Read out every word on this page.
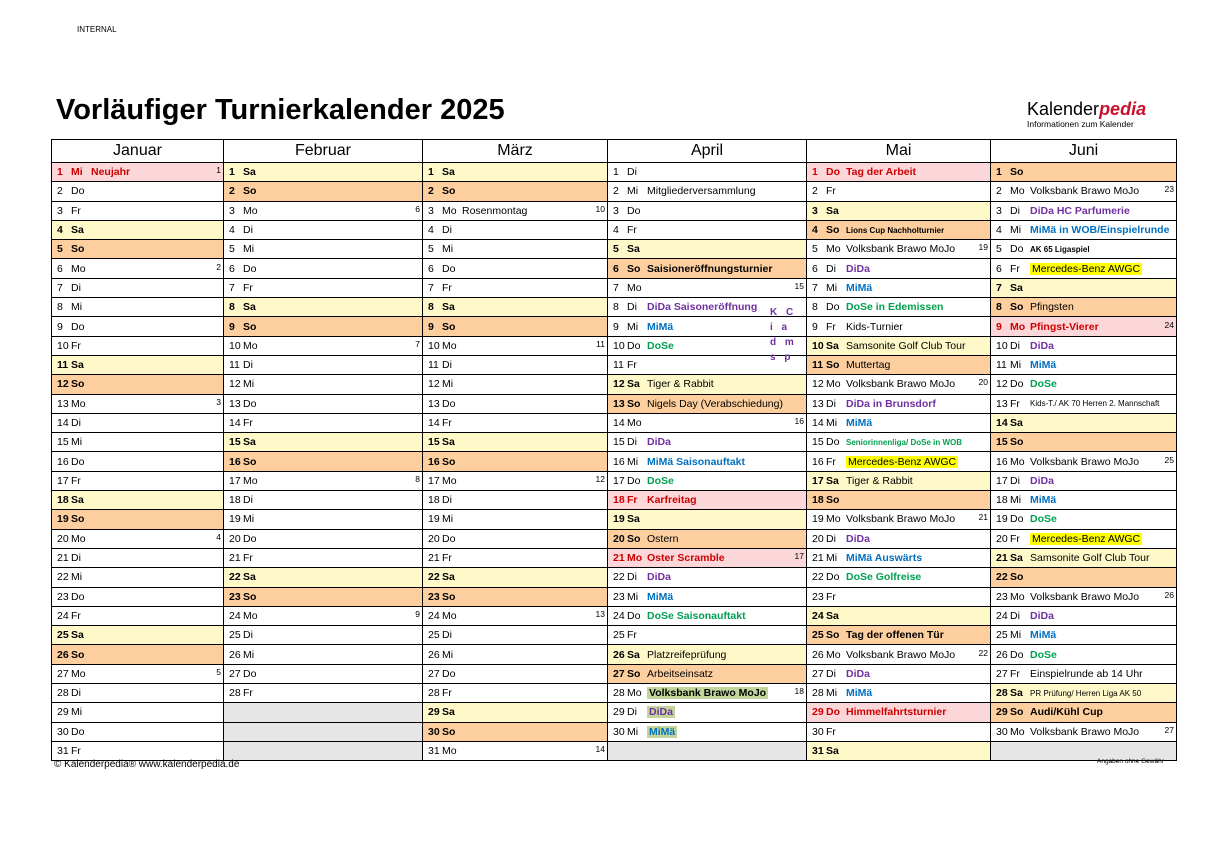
INTERNAL
Vorläufiger Turnierkalender 2025	Kalenderpedia
Informationen zum Kalender
Januar	Februar	März	April	Mai	Juni

1 Mi Neujahr 1	1 Sa	1 Sa	1 Di	1 Do Tag der Arbeit	1 So

2 Do	2 So	2 So	2 Mi Mitgliederversammlung	2 Fr	2 Mo Volksbank Brawo MoJo 23

3 Fr	3 Mo 6	3 Mo Rosenmontag 10	3 Do	3 Sa	3 Di DiDa HC Parfumerie

4 Sa	4 Di	4 Di	4 Fr	4 So Lions Cup Nachholturnier	4 Mi MiMä in WOB/Einspielrunde

5 So	5 Mi	5 Mi	5 Sa	5 Mo Volksbank Brawo MoJo 19	5 Do AK 65 Ligaspiel

6 Mo 2	6 Do	6 Do	6 So Saisioneröffnungsturnier	6 Di DiDa	6 Fr Mercedes-Benz AWGC

7 Di	7 Fr	7 Fr	7 Mo 15	7 Mi MiMä	7 Sa

8 Mi	8 Sa	8 Sa	8 Di DiDa Saisoneröffnung	8 Do DoSe in Edemissen	8 So Pfingsten

9 Do	9 So	9 So	9 Mi MiMä	9 Fr Kids-Turnier	9 Mo Pfingst-Vierer 24

10 Fr	10 Mo 7	10 Mo 11	10 Do DoSe	10 Sa Samsonite Golf Club Tour	10 Di DiDa

11 Sa	11 Di	11 Di	11 Fr	11 So Muttertag	11 Mi MiMä

12 So	12 Mi	12 Mi	12 Sa Tiger & Rabbit	12 Mo Volksbank Brawo MoJo 20	12 Do DoSe

13 Mo 3	13 Do	13 Do	13 So Nigels Day (Verabschiedung)	13 Di DiDa in Brunsdorf	13 Fr Kids-T./ AK 70 Herren 2. Mannschaft

14 Di	14 Fr	14 Fr	14 Mo 16	14 Mi MiMä	14 Sa

15 Mi	15 Sa	15 Sa	15 Di DiDa	15 Do Seniorinnenliga/ DoSe in WOB	15 So

16 Do	16 So	16 So	16 Mi MiMä Saisonauftakt	16 Fr Mercedes-Benz AWGC	16 Mo Volksbank Brawo MoJo 25

17 Fr	17 Mo 8	17 Mo 12	17 Do DoSe	17 Sa Tiger & Rabbit	17 Di DiDa

18 Sa	18 Di	18 Di	18 Fr Karfreitag	18 So	18 Mi MiMä

19 So	19 Mi	19 Mi	19 Sa	19 Mo Volksbank Brawo MoJo 21	19 Do DoSe

20 Mo 4	20 Do	20 Do	20 So Ostern	20 Di DiDa	20 Fr Mercedes-Benz AWGC

21 Di	21 Fr	21 Fr	21 Mo Oster Scramble 17	21 Mi MiMä Auswärts	21 Sa Samsonite Golf Club Tour

22 Mi	22 Sa	22 Sa	22 Di DiDa	22 Do DoSe Golfreise	22 So

23 Do	23 So	23 So	23 Mi MiMä	23 Fr	23 Mo Volksbank Brawo MoJo 26

24 Fr	24 Mo 9	24 Mo 13	24 Do DoSe Saisonauftakt	24 Sa	24 Di DiDa

25 Sa	25 Di	25 Di	25 Fr	25 So Tag der offenen Tür	25 Mi MiMä

26 So	26 Mi	26 Mi	26 Sa Platzreifeprüfung	26 Mo Volksbank Brawo MoJo 22	26 Do DoSe

27 Mo 5	27 Do	27 Do	27 So Arbeitseinsatz	27 Di DiDa	27 Fr Einspielrunde ab 14 Uhr

28 Di	28 Fr	28 Fr	28 Mo Volksbank Brawo MoJo 18	28 Mi MiMä	28 Sa PR Prüfung/ Herren Liga AK 50

29 Mi		29 Sa	29 Di DiDa	29 Do Himmelfahrtsturnier	29 So Audi/Kühl Cup

30 Do		30 So	30 Mi MiMä	30 Fr	30 Mo Volksbank Brawo MoJo 27

31 Fr		31 Mo 14		31 Sa	

K C
i a
d m
s p
© Kalenderpedia® www.kalenderpedia.de	Angaben ohne Gewähr
